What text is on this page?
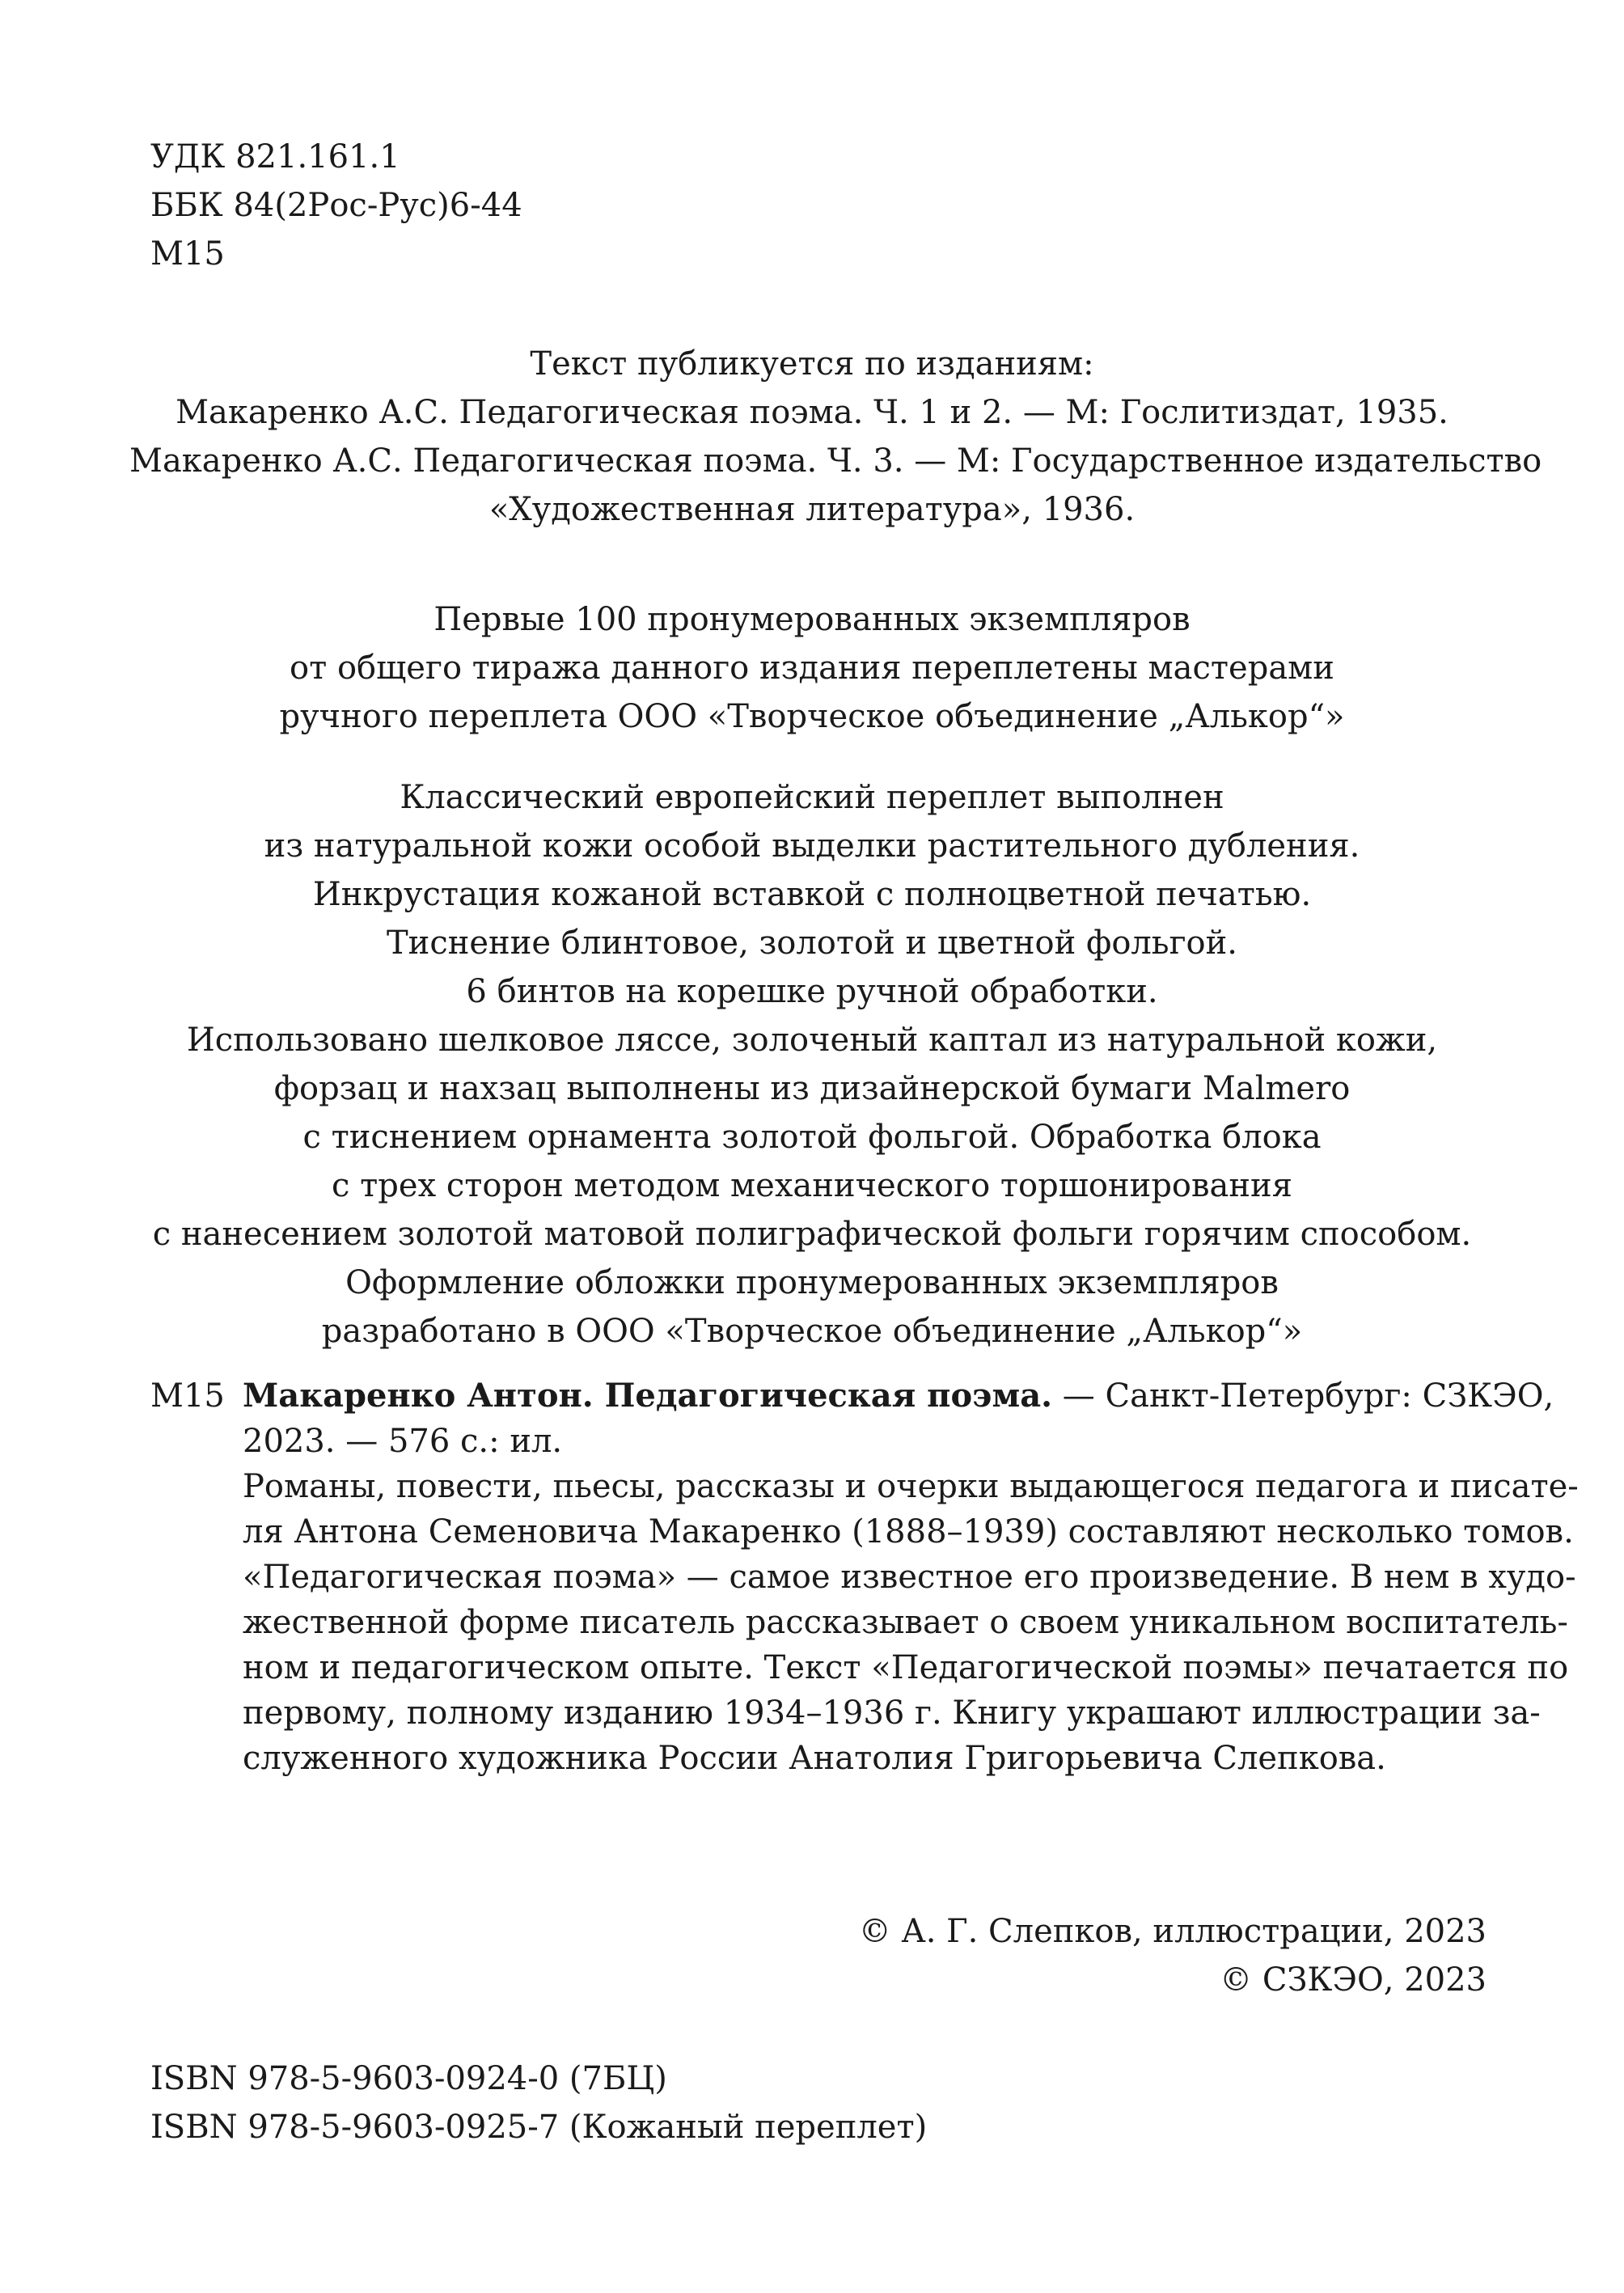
УДК 821.161.1
ББК 84(2Рос-Рус)6-44
М15
Текст публикуется по изданиям:
Макаренко А.С. Педагогическая поэма. Ч. 1 и 2. — М: Гослитиздат, 1935.
Макаренко А.С. Педагогическая поэма. Ч. 3. — М: Государственное издательство
«Художественная литература», 1936.
Первые 100 пронумерованных экземпляров
от общего тиража данного издания переплетены мастерами
ручного переплета ООО «Творческое объединение „Алькор“»
Классический европейский переплет выполнен
из натуральной кожи особой выделки растительного дубления.
Инкрустация кожаной вставкой с полноцветной печатью.
Тиснение блинтовое, золотой и цветной фольгой.
6 бинтов на корешке ручной обработки.
Использовано шелковое ляссе, золоченый каптал из натуральной кожи,
форзац и нахзац выполнены из дизайнерской бумаги Malmero
с тиснением орнамента золотой фольгой. Обработка блока
с трех сторон методом механического торшонирования
с нанесением золотой матовой полиграфической фольги горячим способом.
Оформление обложки пронумерованных экземпляров
разработано в ООО «Творческое объединение „Алькор“»
М15 Макаренко Антон. Педагогическая поэма. — Санкт-Петербург: СЗКЭО,
2023. — 576 с.: ил.
Романы, повести, пьесы, рассказы и очерки выдающегося педагога и писате-
ля Антона Семеновича Макаренко (1888–1939) составляют несколько томов.
«Педагогическая поэма» — самое известное его произведение. В нем в худо-
жественной форме писатель рассказывает о своем уникальном воспитатель-
ном и педагогическом опыте. Текст «Педагогической поэмы» печатается по
первому, полному изданию 1934–1936 г. Книгу украшают иллюстрации за-
служенного художника России Анатолия Григорьевича Слепкова.
© А. Г. Слепков, иллюстрации, 2023
© СЗКЭО, 2023
ISBN 978-5-9603-0924-0 (7БЦ)
ISBN 978-5-9603-0925-7 (Кожаный переплет)
